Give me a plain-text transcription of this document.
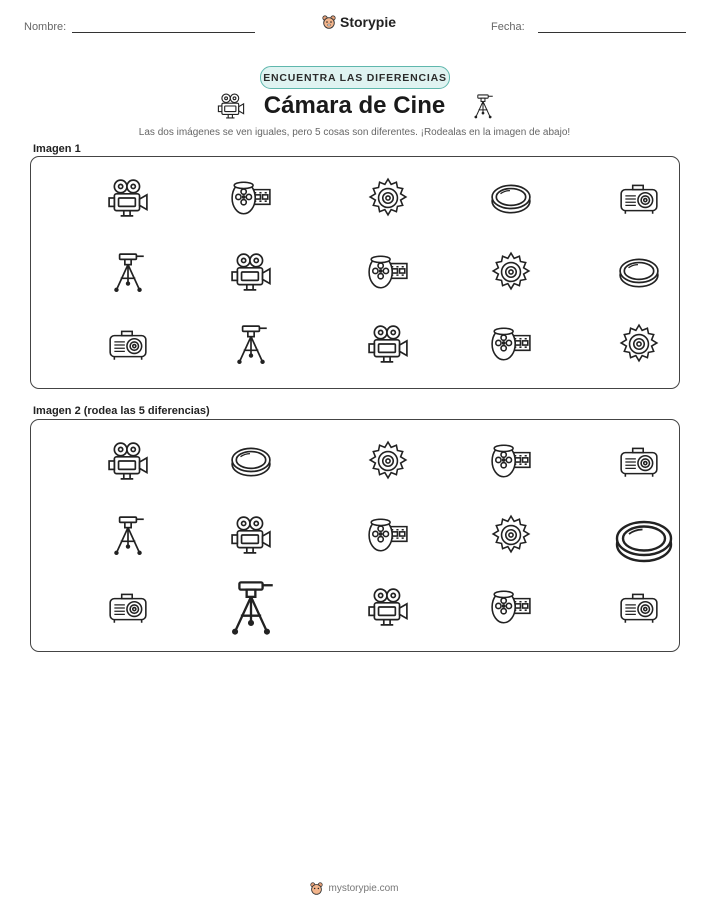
Nombre:	Storypie	Fecha:
ENCUENTRA LAS DIFERENCIAS
Cámara de Cine
Las dos imágenes se ven iguales, pero 5 cosas son diferentes. ¡Rodealas en la imagen de abajo!
Imagen 1
Imagen 2 (rodea las 5 diferencias)
mystorypie.com
